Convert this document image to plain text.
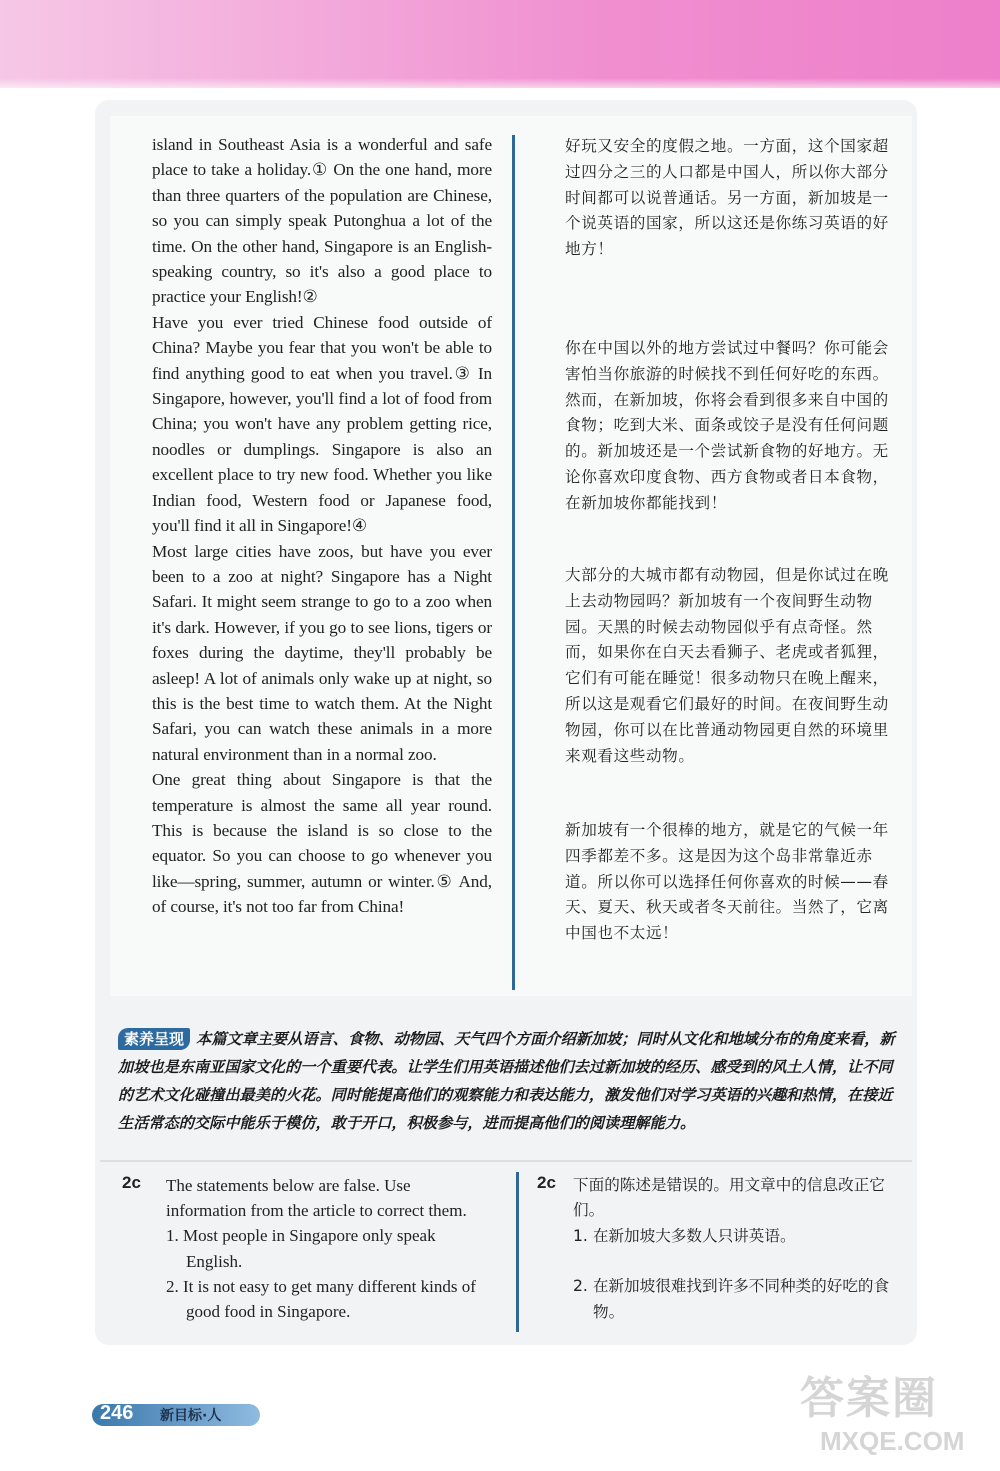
island in Southeast Asia is a wonderful and safe place to take a holiday.① On the one hand, more than three quarters of the population are Chinese, so you can simply speak Putonghua a lot of the time. On the other hand, Singapore is an English-speaking country, so it's also a good place to practice your English!②

Have you ever tried Chinese food outside of China? Maybe you fear that you won't be able to find anything good to eat when you travel.③ In Singapore, however, you'll find a lot of food from China; you won't have any problem getting rice, noodles or dumplings. Singapore is also an excellent place to try new food. Whether you like Indian food, Western food or Japanese food, you'll find it all in Singapore!④

Most large cities have zoos, but have you ever been to a zoo at night? Singapore has a Night Safari. It might seem strange to go to a zoo when it's dark. However, if you go to see lions, tigers or foxes during the daytime, they'll probably be asleep! A lot of animals only wake up at night, so this is the best time to watch them. At the Night Safari, you can watch these animals in a more natural environment than in a normal zoo.

One great thing about Singapore is that the temperature is almost the same all year round. This is because the island is so close to the equator. So you can choose to go whenever you like—spring, summer, autumn or winter.⑤ And, of course, it's not too far from China!

好玩又安全的度假之地。一方面，这个国家超过四分之三的人口都是中国人，所以你大部分时间都可以说普通话。另一方面，新加坡是一个说英语的国家，所以这还是你练习英语的好地方！
你在中国以外的地方尝试过中餐吗？你可能会害怕当你旅游的时候找不到任何好吃的东西。然而，在新加坡，你将会看到很多来自中国的食物；吃到大米、面条或饺子是没有任何问题的。新加坡还是一个尝试新食物的好地方。无论你喜欢印度食物、西方食物或者日本食物，在新加坡你都能找到！
大部分的大城市都有动物园，但是你试过在晚上去动物园吗？新加坡有一个夜间野生动物园。天黑的时候去动物园似乎有点奇怪。然而，如果你在白天去看狮子、老虎或者狐狸，它们有可能在睡觉！很多动物只在晚上醒来，所以这是观看它们最好的时间。在夜间野生动物园，你可以在比普通动物园更自然的环境里来观看这些动物。
新加坡有一个很棒的地方，就是它的气候一年四季都差不多。这是因为这个岛非常靠近赤道。所以你可以选择任何你喜欢的时候——春天、夏天、秋天或者冬天前往。当然了，它离中国也不太远！
素养呈现 本篇文章主要从语言、食物、动物园、天气四个方面介绍新加坡；同时从文化和地域分布的角度来看，新加坡也是东南亚国家文化的一个重要代表。让学生们用英语描述他们去过新加坡的经历、感受到的风土人情，让不同的艺术文化碰撞出最美的火花。同时能提高他们的观察能力和表达能力，激发他们对学习英语的兴趣和热情，在接近生活常态的交际中能乐于模仿，敢于开口，积极参与，进而提高他们的阅读理解能力。
2c The statements below are false. Use information from the article to correct them.

1. Most people in Singapore only speak English.

2. It is not easy to get many different kinds of good food in Singapore.

2c 下面的陈述是错误的。用文章中的信息改正它们。

1. 在新加坡大多数人只讲英语。

2. 在新加坡很难找到许多不同种类的好吃的食物。

246 新目标·人	答案圈
MXQE.COM
